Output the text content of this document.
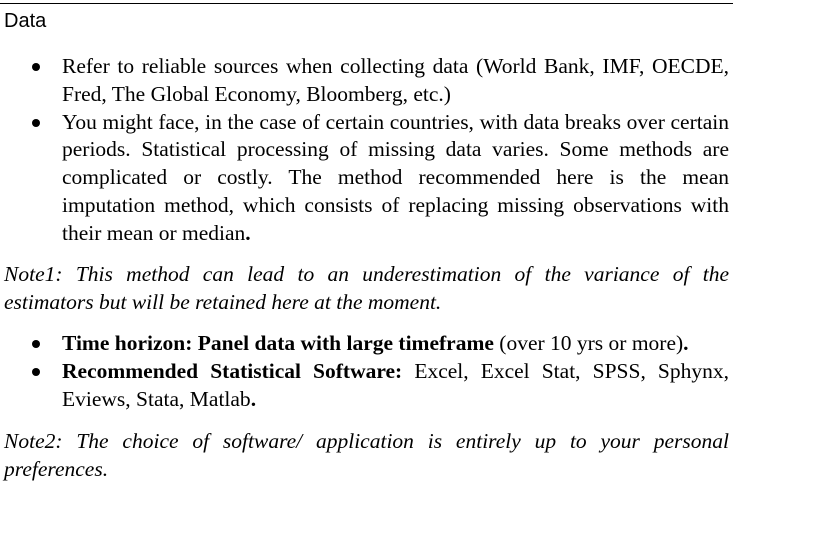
Data
Refer to reliable sources when collecting data (World Bank, IMF, OECDE, Fred, The Global Economy, Bloomberg, etc.)
You might face, in the case of certain countries, with data breaks over certain periods. Statistical processing of missing data varies. Some methods are complicated or costly. The method recommended here is the mean imputation method, which consists of replacing missing observations with their mean or median.

Note1: This method can lead to an underestimation of the variance of the
estimators but will be retained here at the moment.

Time horizon: Panel data with large timeframe (over 10 yrs or more).
Recommended Statistical Software: Excel, Excel Stat, SPSS, Sphynx, Eviews, Stata, Matlab.

Note2: The choice of software/ application is entirely up to your personal
preferences.
